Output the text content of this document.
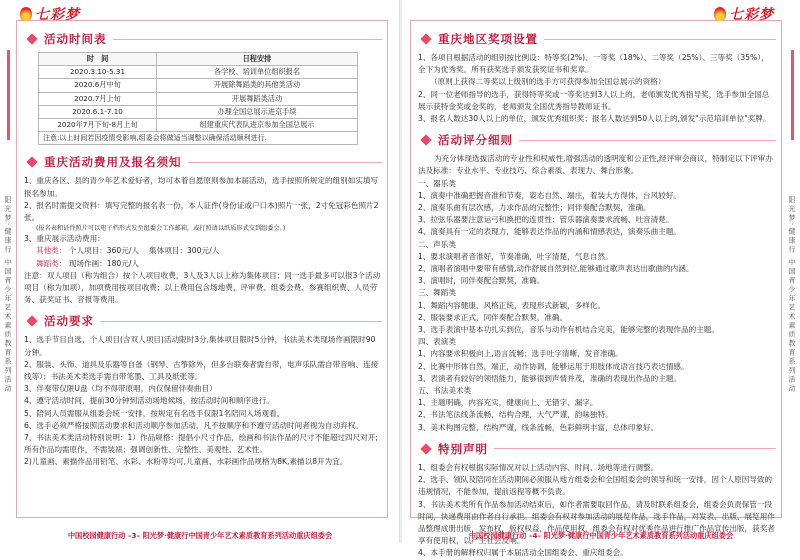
阳光梦·健康行 中国青少年艺术素质教育系列活动
七彩梦
活动时间表
时　间	日程安排
2020.3.10-5.31	各学校、培训单位组织报名
2020.6月中旬	开展除舞蹈类的其他类活动
2020.7月上旬	开展舞蹈类活动
2020.6.1-7.10	办理全国总展示进京手续
2020年7月下旬-8月上旬	组建重庆代表队进京参加全国总展示
注意:以上时间若因疫情受影响,组委会将做适当调整以确保活动顺利进行.	
重庆活动费用及报名须知

1、重庆各区、县的青少年艺术爱好者，均可本着自愿原则参加本届活动，选手按照所规定的组别如实填写报名参加。

2、报名时需提交资料：填写完整的报名表一份，本人证件(身份证或户口本)照片一张，2寸免冠彩色照片2张。

(报名表和证件照片可以电子档形式发至组委会工作邮箱，或打照请以纸质形式交到组委会。)

3、重庆展示活动费用：

其他类： 个人项目：360元/人　 集体项目：300元/人

舞蹈类： 现场作画：180元/人

注意：双人项目（称为组合）按个人项目收费，3人及3人以上称为集体项目；同一选手最多可以报3个活动项目（称为加项），加项费用按项目收费；以上费用包含场地费、评审费、组委会费、参赛组织费、人员劳务、获奖证书、音报等费用。

活动要求

1、选手节目自选，个人项目(含双人项目)活动限时3分,集体项目限时5分钟，书法美术类现场作画限时90分钟。

2、服装、头饰、道具及乐器等自备（钢琴、古筝除外，但多台联奏者需自带，电声乐队需自带音响、连接线等）；书法美术类选手需自带笔墨、工具及纸张等。

3、伴奏带仅限U盘（均不得带原唱，内仅保留伴奏曲目）

4、遵守活动时间，提前30分钟到活动场地候场，按活动时间和顺序进行。

5、陪同人员需服从组委会统一安排，按规定有名选手仅限1名陪同入场观看。

6、选手必须严格按照活动要求和活动顺序参加活动，凡不按顺序和不遵守活动时间者视为自动弃权。

7、书法美术类活动特别说明：1）作品规格：提倡小尺寸作品，绘画和书法作品的尺寸不能超过四尺对开;所有作品均需原作，不需装裱；强调创新性、完整性、美观性、艺术性。

2)儿童画、素描作品用铅笔、水彩、水粉等均可,儿童画、水彩画作品规格为8K,素描以8开为宜。

中国校园健康行动 –3– 阳光梦·健康行中国青少年艺术素质教育系列活动重庆组委会
阳光梦·健康行 中国青少年艺术素质教育系列活动
七彩梦
重庆地区奖项设置

1、各项目根据活动的组别按比例设：特等奖(2%)、一等奖（18%）、二等奖（25%）、三等奖（35%），全下为优秀奖。所有获奖选手颁发获奖证书和奖章。

（原则上获得二等奖以上级别的选手方可获得参加全国总展示的资格）

2、同一位老师指导的选手，获得特等奖或一等奖达到3人以上的，老师颁发优秀指导奖，选手参加全国总展示获特金奖或金奖的，老师颁发全国优秀指导教师证书。

3、报名人数达30人以上的单位，颁发优秀组织奖；报名人数达到50人以上的,颁发"示范培训单位"奖牌。

活动评分细则

为充分体现选拔活动的专业性和权威性,增强活动的透明度和公正性,经评审会商议，特制定以下评审办法及标准：专业水平、专业技巧、综合素质、表现力、舞台形象。

一、器乐类

1、演奏中准确把握音准和节奏，姿态自然、端庄，着装大方得体，台风较好。

2、演奏乐曲有层次感，力求作品的完整性；同伴奏配合默契，准确。

3、拉弦乐器要注意运弓和换把的连贯性；管乐器演奏要求流畅、吐音清楚。

4、演奏具有一定的表现力，能够表达作品的内涵和情感表达，演奏乐曲主题。

二、声乐类

1、要求演唱者音准好，节奏准确，吐字清楚，气息自然。

2、演唱者演唱中要带有感情,动作舒展自然到位,能够通过歌声表达出歌曲的内涵。

3、演唱时，同伴奏配合默契，准确。

三、舞蹈类

1、舞蹈内容健康，风格正统，表现形式新颖，多样化。

2、服装要求正式，同伴奏配合默契，准确。

3、选手表演中基本功扎实到位，音乐与动作有机结合完美，能够完整的表现作品的主题。

四、表演类

1、内容要求积极向上,语言流畅；选手吐字清晰，发音准确。

2、比赛中形体自然，端正，动作协调，能够运用于用肢体成语言技巧表达情感。

3、表演者有较好的领悟能力，能够很到声情并茂，准确的表现出作品的主题。

五、书法美术类

1、主题明确，内容充实，健康向上、无错字、漏字。

2、书法笔法线条流畅，结构合理，大气严谨，韵味独特。

3、美术构图完整，结构严谨，线条流畅，色彩鲜明丰富，总体印象好。

特别声明

1、组委会有权根据实际情况对以上活动内容、时间、场地等进行调整。

2、选手、领队及陪同在活动期间必须服从地方组委会和全国组委会的领导和统一安排，因个人原因导致的违规情况，不能参加，提前返程等概不负责。

3、书法美术类所有作品参加活动结束后，如作者需要取回作品，请及时联系组委会，组委会负责保管一段时间，快递费用由作者自行承担。组委会有权对参加活动的展览作品，选手作品，对发表、出版、展览用作品整理成册出版，发布权，版权权益，作品使用权，组委会有权对优秀作品进行推广作品宣传出版，获奖者享有使用权，以产生社会反响。

4、本手册的解释权归属于本届活动全国组委会、重庆组委会。

中国校园健康行动 –4– 阳光梦·健康行中国青少年艺术素质教育系列活动重庆组委会
